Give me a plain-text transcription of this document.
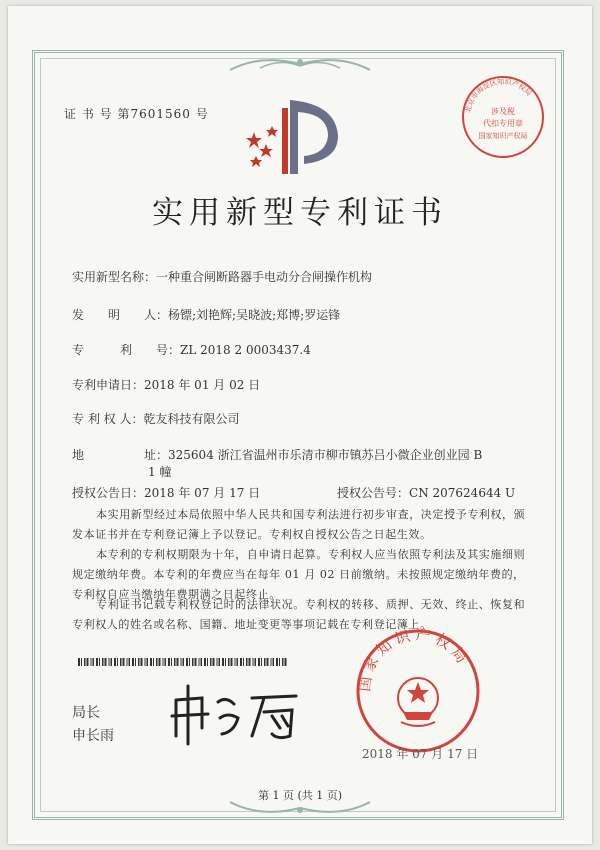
证 书 号 第7601560 号
实用新型专利证书
北京市海淀区知识产权局
涉及税
代扣专用章
国家知识产权局
实用新型名称：一种重合闸断路器手电动分合闸操作机构
发　　明　　人：杨镖;刘艳辉;吴晓波;郑博;罗运锋
专　　　利　　号：ZL 2018 2 0003437.4
专利申请日：2018 年 01 月 02 日
专 利 权 人：乾友科技有限公司
地　　　　　址：325604 浙江省温州市乐清市柳市镇苏吕小微企业创业园 B
1 幢
授权公告日：2018 年 07 月 17 日	授权公告号：CN 207624644 U
本实用新型经过本局依照中华人民共和国专利法进行初步审查，决定授予专利权，颁发本证书并在专利登记簿上予以登记。专利权自授权公告之日起生效。
本专利的专利权期限为十年，自申请日起算。专利权人应当依照专利法及其实施细则规定缴纳年费。本专利的年费应当在每年 01 月 02 日前缴纳。未按照规定缴纳年费的，专利权自应当缴纳年费期满之日起终止。
专利证书记载专利权登记时的法律状况。专利权的转移、质押、无效、终止、恢复和专利权人的姓名或名称、国籍、地址变更等事项记载在专利登记簿上。
局长
申长雨
国家知识产权局
2018 年 07 月 17 日
第 1 页 (共 1 页)
